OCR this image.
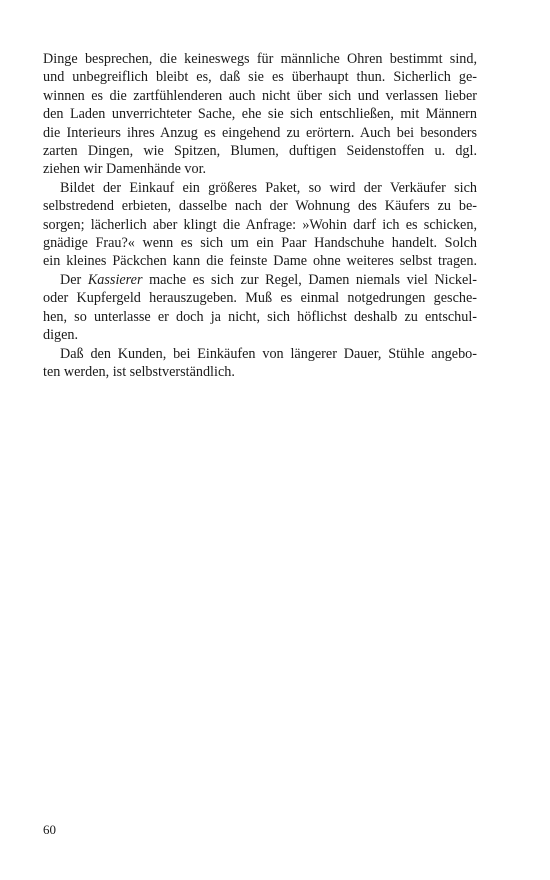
Dinge besprechen, die keineswegs für männliche Ohren bestimmt sind,
und unbegreiflich bleibt es, daß sie es überhaupt thun. Sicherlich ge-
winnen es die zartfühlenderen auch nicht über sich und verlassen lieber
den Laden unverrichteter Sache, ehe sie sich entschließen, mit Männern
die Interieurs ihres Anzug es eingehend zu erörtern. Auch bei besonders
zarten Dingen, wie Spitzen, Blumen, duftigen Seidenstoffen u. dgl.
ziehen wir Damenhände vor.

Bildet der Einkauf ein größeres Paket, so wird der Verkäufer sich
selbstredend erbieten, dasselbe nach der Wohnung des Käufers zu be-
sorgen; lächerlich aber klingt die Anfrage: »Wohin darf ich es schicken,
gnädige Frau?« wenn es sich um ein Paar Handschuhe handelt. Solch
ein kleines Päckchen kann die feinste Dame ohne weiteres selbst tragen.

Der Kassierer mache es sich zur Regel, Damen niemals viel Nickel-
oder Kupfergeld herauszugeben. Muß es einmal notgedrungen gesche-
hen, so unterlasse er doch ja nicht, sich höflichst deshalb zu entschul-
digen.

Daß den Kunden, bei Einkäufen von längerer Dauer, Stühle angebo-
ten werden, ist selbstverständlich.

60
